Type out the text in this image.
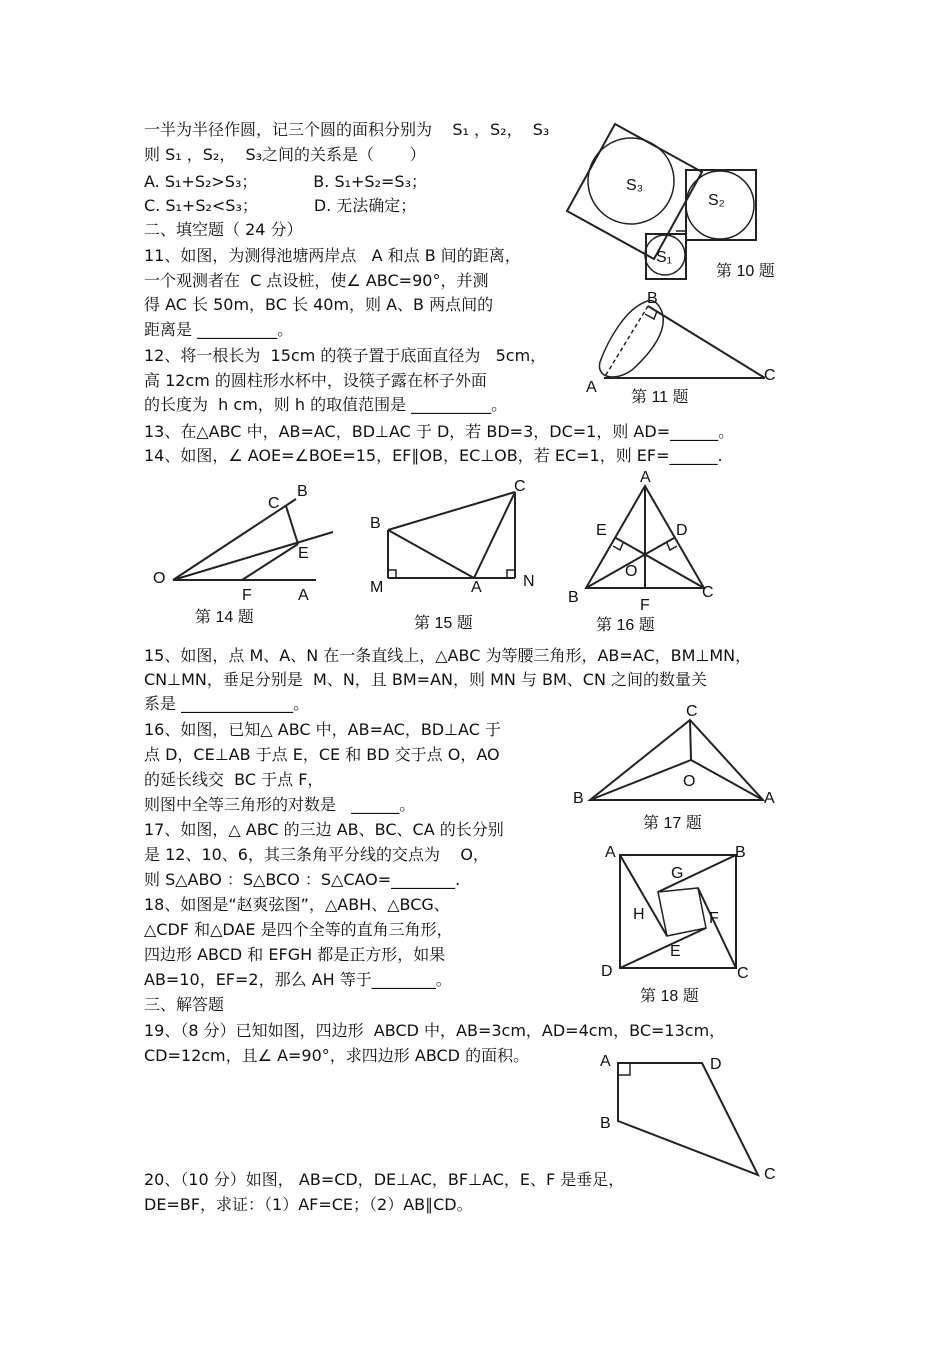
一半为半径作圆，记三个圆的面积分别为    S₁ ，S₂，  S₃
则 S₁ ，S₂，  S₃之间的关系是（       ）
A. S₁+S₂>S₃；           B. S₁+S₂=S₃；
C. S₁+S₂<S₃；           D. 无法确定；
二、填空题（ 24 分）
11、如图，为测得池塘两岸点   A 和点 B 间的距离，
一个观测者在  C 点设桩，使∠ ABC=90°，并测
得 AC 长 50m，BC 长 40m，则 A、B 两点间的
距离是 __________。
12、将一根长为  15cm 的筷子置于底面直径为   5cm，
高 12cm 的圆柱形水杯中，设筷子露在杯子外面
的长度为  h cm，则 h 的取值范围是 __________。
13、在△ABC 中，AB=AC，BD⊥AC 于 D，若 BD=3，DC=1，则 AD=______。
14、如图，∠ AOE=∠BOE=15，EF∥OB，EC⊥OB，若 EC=1，则 EF=______.
15、如图，点 M、A、N 在一条直线上，△ABC 为等腰三角形，AB=AC，BM⊥MN，
CN⊥MN，垂足分别是  M、N，且 BM=AN，则 MN 与 BM、CN 之间的数量关
系是 ______________。
16、如图，已知△ ABC 中，AB=AC，BD⊥AC 于
点 D，CE⊥AB 于点 E，CE 和 BD 交于点 O，AO
的延长线交  BC 于点 F，
则图中全等三角形的对数是   ______。
17、如图，△ ABC 的三边 AB、BC、CA 的长分别
是 12、10、6，其三条角平分线的交点为    O，
则 S△ABO ：S△BCO ：S△CAO=________.
18、如图是“赵爽弦图”，△ABH、△BCG、
△CDF 和△DAE 是四个全等的直角三角形，
四边形 ABCD 和 EFGH 都是正方形，如果
AB=10，EF=2，那么 AH 等于________。
三、解答题
19、（8 分）已知如图，四边形  ABCD 中，AB=3cm，AD=4cm，BC=13cm，
CD=12cm，且∠ A=90°，求四边形 ABCD 的面积。
20、（10 分）如图， AB=CD，DE⊥AC，BF⊥AC，E、F 是垂足，
DE=BF，求证：（1）AF=CE；（2）AB∥CD。
S₃
S₂
S₁
第 10 题
B
A
C
第 11 题
O
C
B
E
F	A
第 14 题
B
C
M	A	N
第 15 题
A
E	D
O
B	F
C
第 16 题
C
O
B	A
第 17 题
A	B
G
H	F
E
D	C
第 18 题
A	D
B
C
